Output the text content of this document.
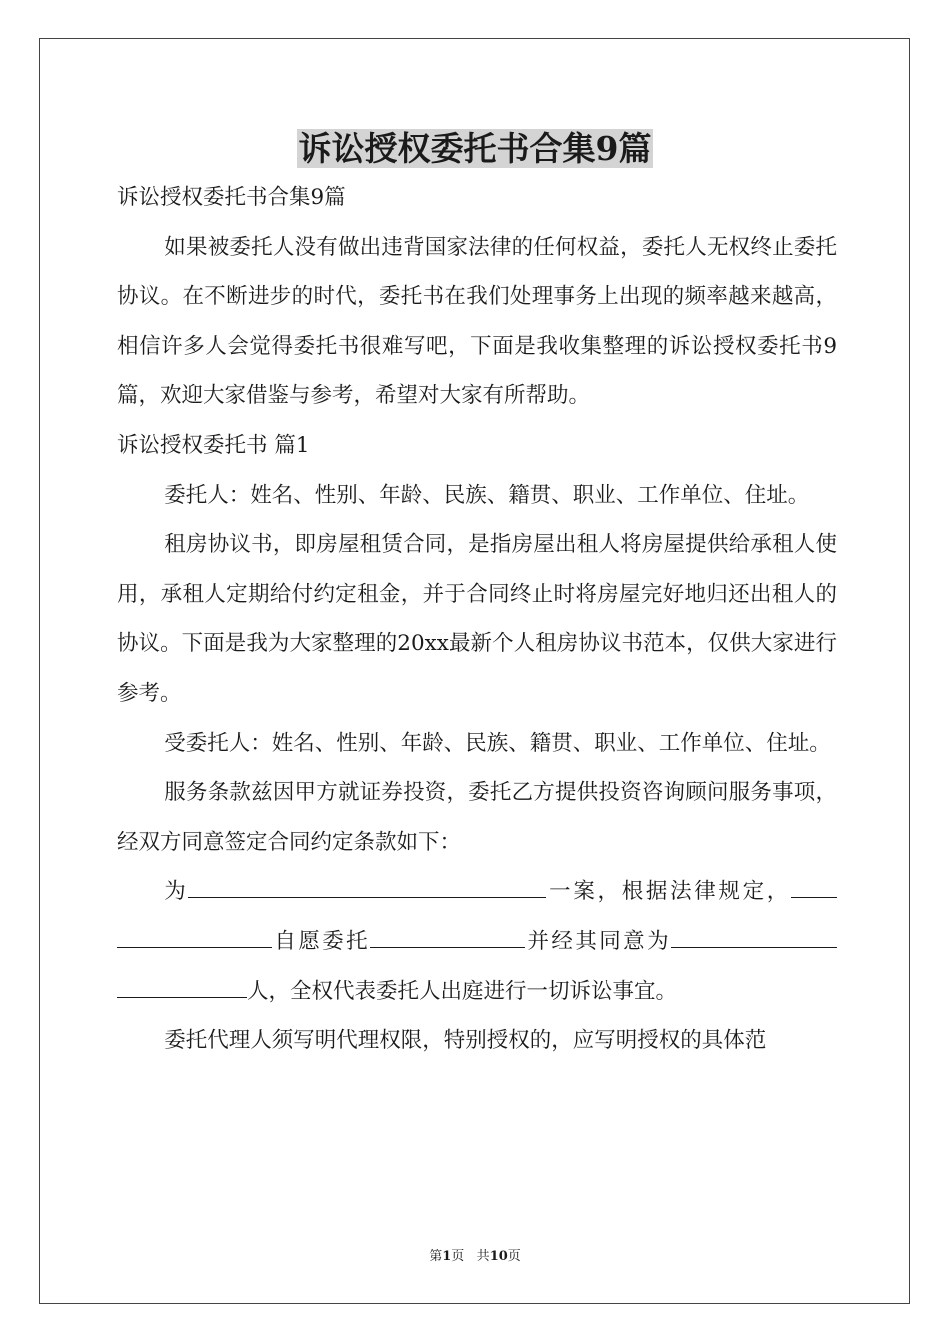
诉讼授权委托书合集9篇

诉讼授权委托书合集9篇

如果被委托人没有做出违背国家法律的任何权益，委托人无权终止委托协议。在不断进步的时代，委托书在我们处理事务上出现的频率越来越高，相信许多人会觉得委托书很难写吧，下面是我收集整理的诉讼授权委托书9篇，欢迎大家借鉴与参考，希望对大家有所帮助。

诉讼授权委托书 篇1

委托人：姓名、性别、年龄、民族、籍贯、职业、工作单位、住址。

租房协议书，即房屋租赁合同，是指房屋出租人将房屋提供给承租人使用，承租人定期给付约定租金，并于合同终止时将房屋完好地归还出租人的协议。下面是我为大家整理的20xx最新个人租房协议书范本，仅供大家进行参考。

受委托人：姓名、性别、年龄、民族、籍贯、职业、工作单位、住址。

服务条款兹因甲方就证券投资，委托乙方提供投资咨询顾问服务事项，经双方同意签定合同约定条款如下：

为	一案，根据法律规定，自愿委托	并经其同意为人，全权代表委托人出庭进行一切诉讼事宜。

委托代理人须写明代理权限，特别授权的，应写明授权的具体范

第1页 共10页
